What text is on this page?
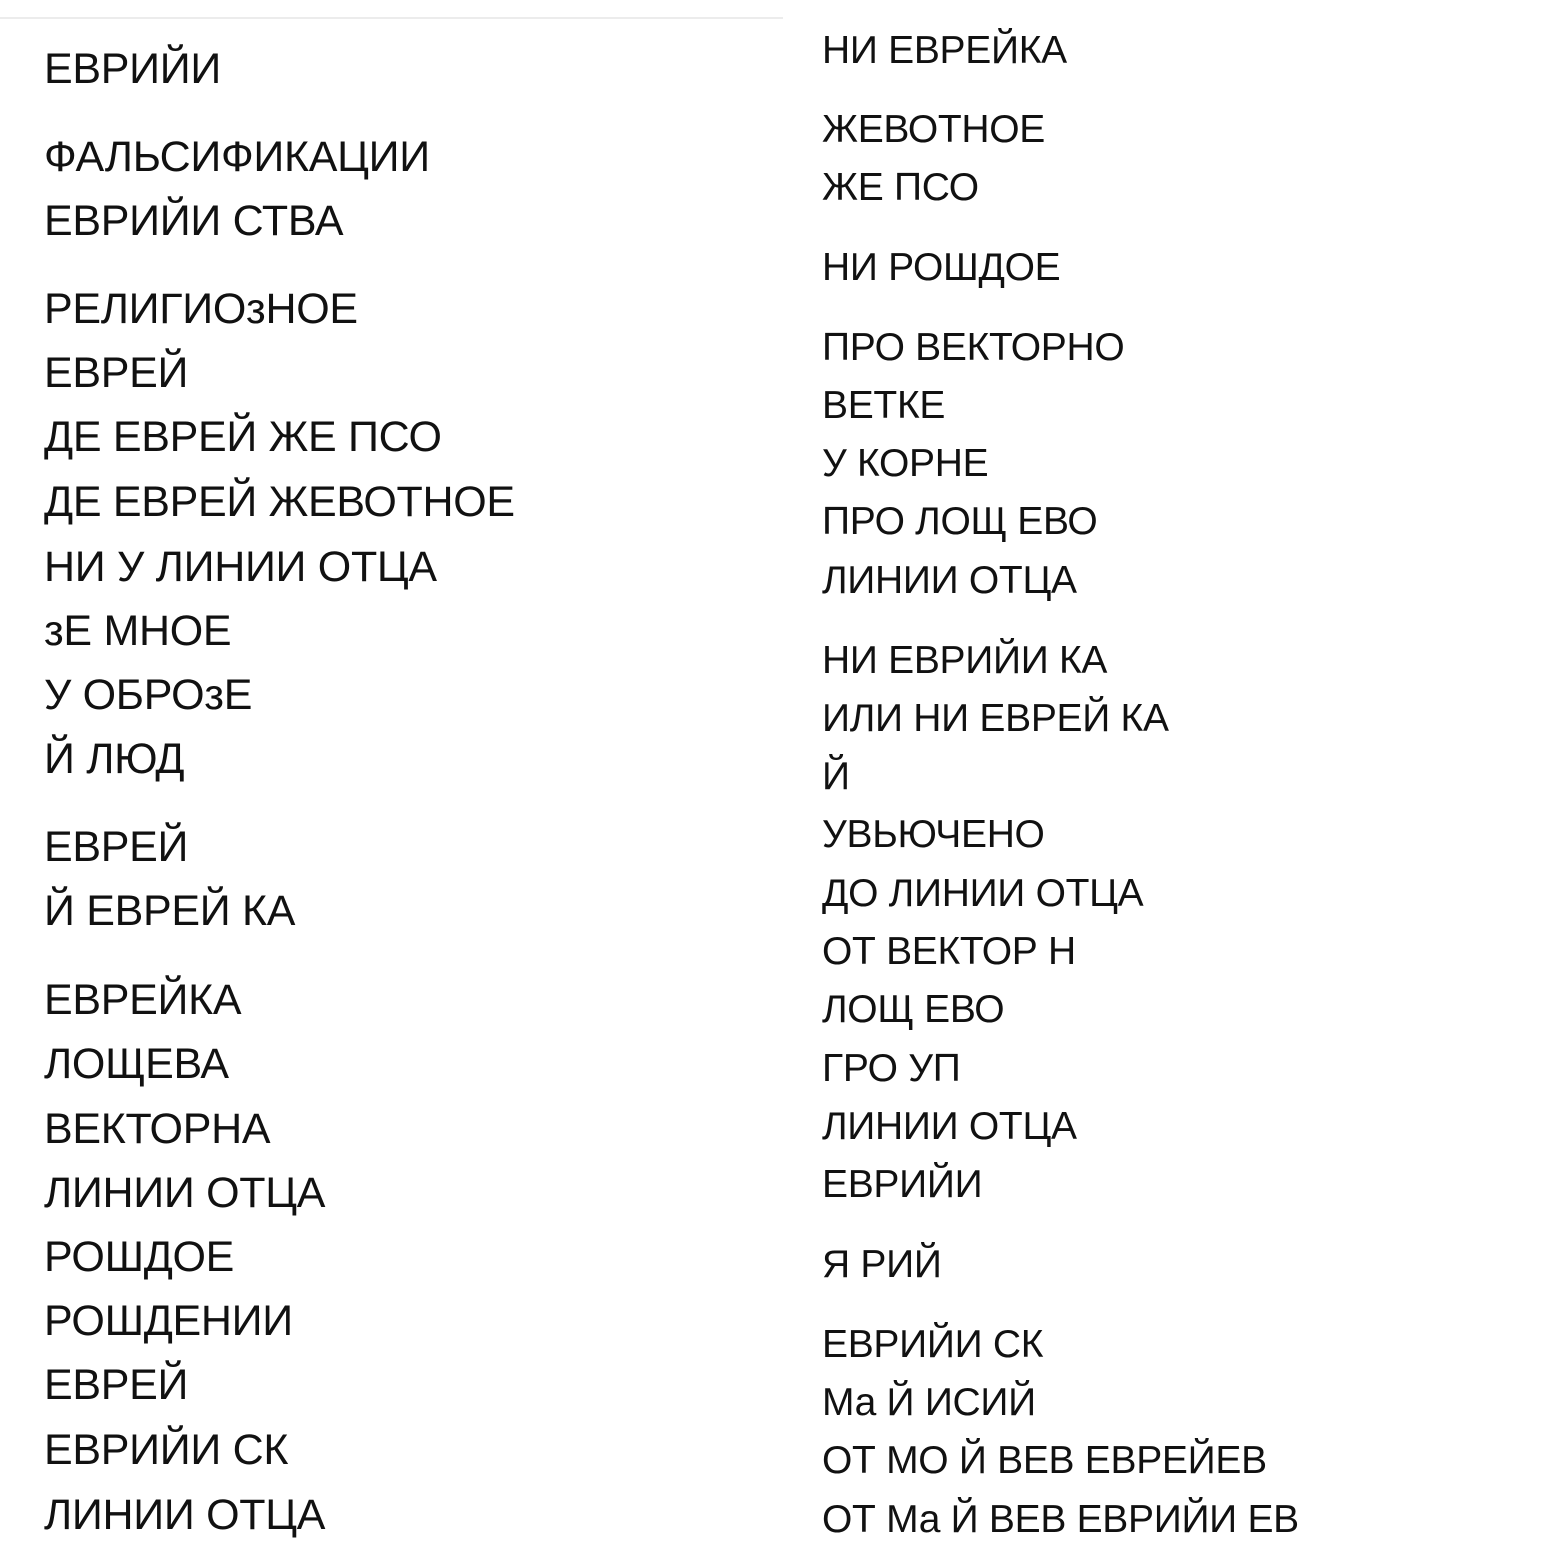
ЕВРИЙИ
ФАЛЬСИФИКАЦИИ
ЕВРИЙИ СТВА
РЕЛИГИОзНОЕ
ЕВРЕЙ
ДЕ ЕВРЕЙ ЖЕ ПСО
ДЕ ЕВРЕЙ ЖЕВОТНОЕ
НИ У ЛИНИИ ОТЦА
зЕ МНОЕ
У ОБРОзЕ
Й ЛЮД
ЕВРЕЙ
Й ЕВРЕЙ КА
ЕВРЕЙКА
ЛОЩЕВА
ВЕКТОРНА
ЛИНИИ ОТЦА
РОШДОЕ
РОШДЕНИИ
ЕВРЕЙ
ЕВРИЙИ СК
ЛИНИИ ОТЦА
НИ ЕВРЕЙКА
ЖЕВОТНОЕ
ЖЕ ПСО
НИ РОШДОЕ
ПРО ВЕКТОРНО
ВЕТКЕ
У КОРНЕ
ПРО ЛОЩ ЕВО
ЛИНИИ ОТЦА
НИ ЕВРИЙИ КА
ИЛИ НИ ЕВРЕЙ КА
Й
УВЬЮЧЕНО
ДО ЛИНИИ ОТЦА
ОТ ВЕКТОР Н
ЛОЩ ЕВО
ГРО УП
ЛИНИИ ОТЦА
ЕВРИЙИ
Я РИЙ
ЕВРИЙИ СК
Ма Й ИСИЙ
ОТ МО Й ВЕВ ЕВРЕЙЕВ
ОТ Ма Й ВЕВ ЕВРИЙИ ЕВ
